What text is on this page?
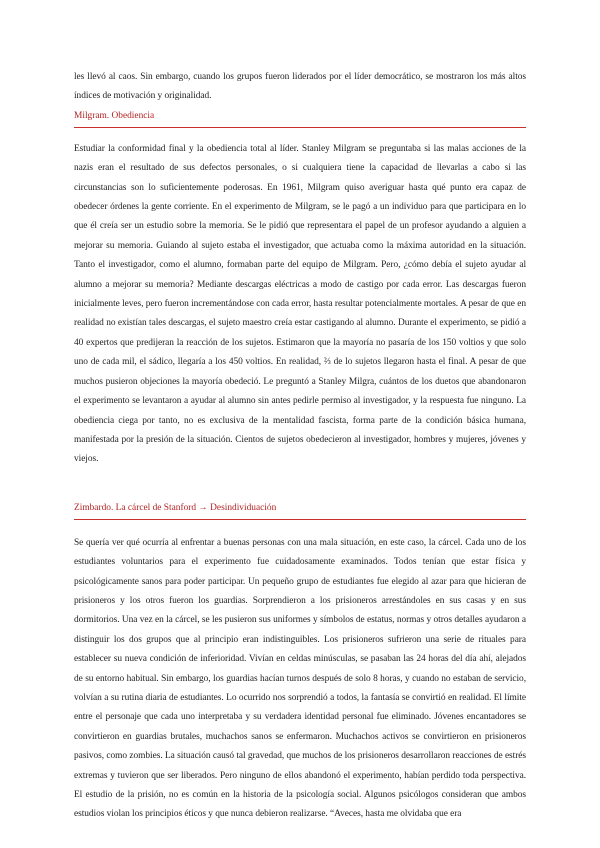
les llevó al caos. Sin embargo, cuando los grupos fueron liderados por el líder democrático, se mostraron los más altos índices de motivación y originalidad.

Milgram. Obediencia

Estudiar la conformidad final y la obediencia total al líder. Stanley Milgram se preguntaba si las malas acciones de la nazis eran el resultado de sus defectos personales, o si cualquiera tiene la capacidad de llevarlas a cabo si las circunstancias son lo suficientemente poderosas. En 1961, Milgram quiso averiguar hasta qué punto era capaz de obedecer órdenes la gente corriente. En el experimento de Milgram, se le pagó a un individuo para que participara en lo que él creía ser un estudio sobre la memoria. Se le pidió que representara el papel de un profesor ayudando a alguien a mejorar su memoria. Guiando al sujeto estaba el investigador, que actuaba como la máxima autoridad en la situación. Tanto el investigador, como el alumno, formaban parte del equipo de Milgram. Pero, ¿cómo debía el sujeto ayudar al alumno a mejorar su memoria? Mediante descargas eléctricas a modo de castigo por cada error. Las descargas fueron inicialmente leves, pero fueron incrementándose con cada error, hasta resultar potencialmente mortales. A pesar de que en realidad no existían tales descargas, el sujeto maestro creía estar castigando al alumno. Durante el experimento, se pidió a 40 expertos que predijeran la reacción de los sujetos. Estimaron que la mayoría no pasaría de los 150 voltios y que solo uno de cada mil, el sádico, llegaría a los 450 voltios. En realidad, ⅔ de lo sujetos llegaron hasta el final. A pesar de que muchos pusieron objeciones la mayoría obedeció. Le preguntó a Stanley Milgra, cuántos de los duetos que abandonaron el experimento se levantaron a ayudar al alumno sin antes pedirle permiso al investigador, y la respuesta fue ninguno. La obediencia ciega por tanto, no es exclusiva de la mentalidad fascista, forma parte de la condición básica humana, manifestada por la presión de la situación. Cientos de sujetos obedecieron al investigador, hombres y mujeres, jóvenes y viejos.

Zimbardo. La cárcel de Stanford → Desindividuación

Se quería ver qué ocurría al enfrentar a buenas personas con una mala situación, en este caso, la cárcel. Cada uno de los estudiantes voluntarios para el experimento fue cuidadosamente examinados. Todos tenían que estar física y psicológicamente sanos para poder participar. Un pequeño grupo de estudiantes fue elegido al azar para que hicieran de prisioneros y los otros fueron los guardias. Sorprendieron a los prisioneros arrestándoles en sus casas y en sus dormitorios. Una vez en la cárcel, se les pusieron sus uniformes y símbolos de estatus, normas y otros detalles ayudaron a distinguir los dos grupos que al principio eran indistinguibles. Los prisioneros sufrieron una serie de rituales para establecer su nueva condición de inferioridad. Vivían en celdas minúsculas, se pasaban las 24 horas del día ahí, alejados de su entorno habitual. Sin embargo, los guardias hacían turnos después de solo 8 horas, y cuando no estaban de servicio, volvían a su rutina diaria de estudiantes. Lo ocurrido nos sorprendió a todos, la fantasía se convirtió en realidad. El límite entre el personaje que cada uno interpretaba y su verdadera identidad personal fue eliminado. Jóvenes encantadores se convirtieron en guardias brutales, muchachos sanos se enfermaron. Muchachos activos se convirtieron en prisioneros pasivos, como zombies. La situación causó tal gravedad, que muchos de los prisioneros desarrollaron reacciones de estrés extremas y tuvieron que ser liberados. Pero ninguno de ellos abandonó el experimento, habían perdido toda perspectiva. El estudio de la prisión, no es común en la historia de la psicología social. Algunos psicólogos consideran que ambos estudios violan los principios éticos y que nunca debieron realizarse. “Aveces, hasta me olvidaba que era
